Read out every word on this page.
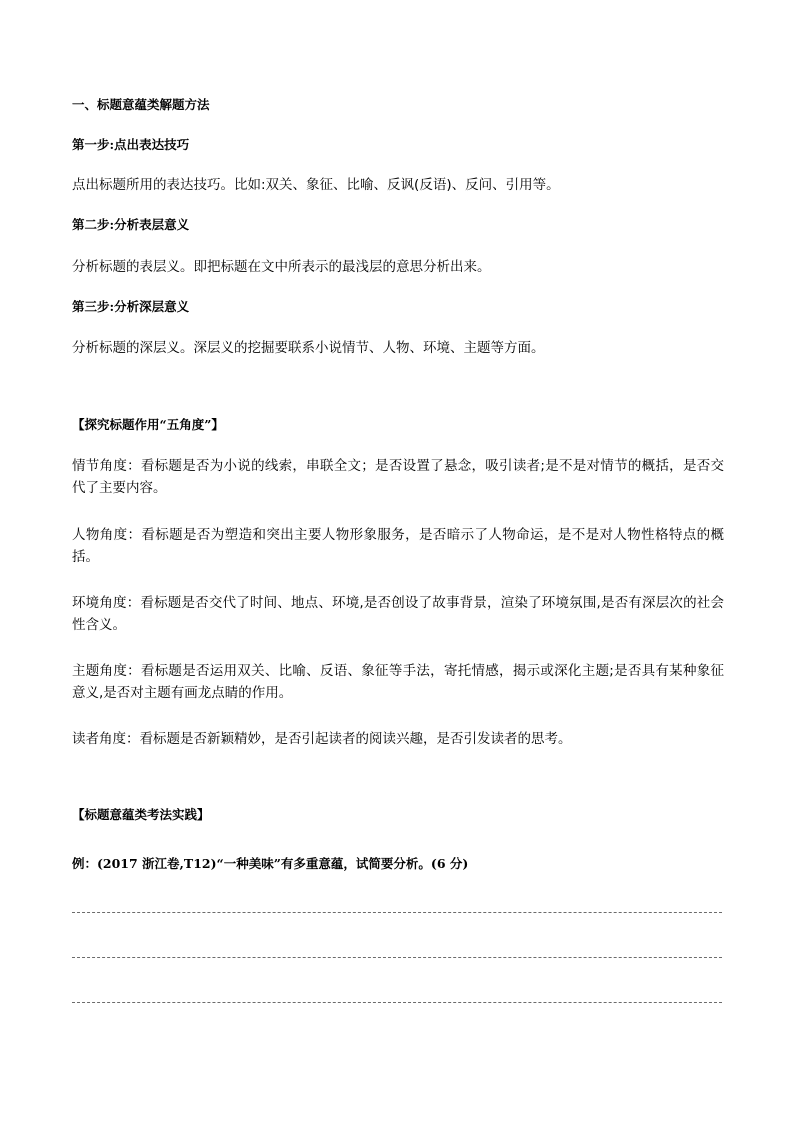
一、标题意蕴类解题方法
第一步:点出表达技巧
点出标题所用的表达技巧。比如:双关、象征、比喻、反讽(反语)、反问、引用等。
第二步:分析表层意义
分析标题的表层义。即把标题在文中所表示的最浅层的意思分析出来。
第三步:分析深层意义
分析标题的深层义。深层义的挖掘要联系小说情节、人物、环境、主题等方面。
【探究标题作用“五角度”】
情节角度：看标题是否为小说的线索，串联全文；是否设置了悬念，吸引读者;是不是对情节的概括，是否交代了主要内容。
人物角度：看标题是否为塑造和突出主要人物形象服务，是否暗示了人物命运，是不是对人物性格特点的概括。
环境角度：看标题是否交代了时间、地点、环境,是否创设了故事背景，渲染了环境氛围,是否有深层次的社会性含义。
主题角度：看标题是否运用双关、比喻、反语、象征等手法，寄托情感，揭示或深化主题;是否具有某种象征意义,是否对主题有画龙点睛的作用。
读者角度：看标题是否新颖精妙，是否引起读者的阅读兴趣，是否引发读者的思考。
【标题意蕴类考法实践】
例：(2017 浙江卷,T12)“一种美味”有多重意蕴，试简要分析。(6 分)
